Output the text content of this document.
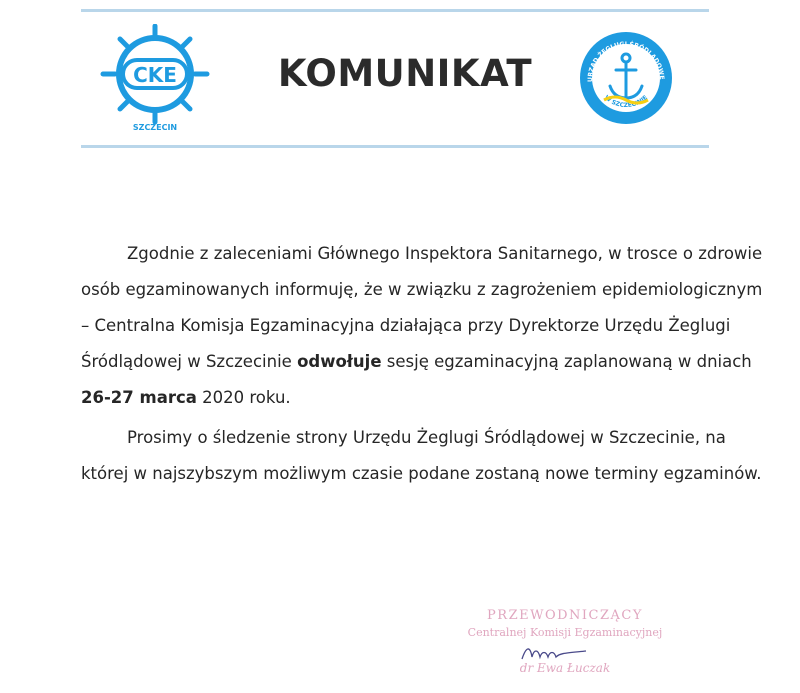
CKE
SZCZECIN
KOMUNIKAT	URZĄD ŻEGLUGI ŚRÓDLĄDOWE
W SZCZECINIE
Zgodnie z zaleceniami Głównego Inspektora Sanitarnego, w trosce o zdrowie
osób egzaminowanych informuję, że w związku z zagrożeniem epidemiologicznym
– Centralna Komisja Egzaminacyjna działająca przy Dyrektorze Urzędu Żeglugi
Śródlądowej w Szczecinie odwołuje sesję egzaminacyjną zaplanowaną w dniach
26-27 marca 2020 roku.
Prosimy o śledzenie strony Urzędu Żeglugi Śródlądowej w Szczecinie, na
której w najszybszym możliwym czasie podane zostaną nowe terminy egzaminów.
PRZEWODNICZĄCY
Centralnej Komisji Egzaminacyjnej
dr Ewa Łuczak
